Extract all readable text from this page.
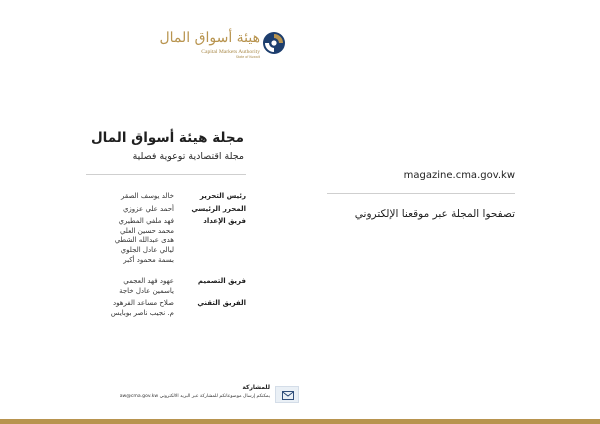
هيئة أسواق المال
Capital Markets Authority
State of Kuwait
مجلة هيئة أسواق المال
مجلة اقتصادية توعوية فصلية
رئيس التحرير
خالد يوسف الصقر
المحرر الرئيسي
أحمد علي عزوزي
فريق الإعداد
فهد ملفي المطيري
محمد حسين العلي
هدى عبدالله الشطي
ليالي عادل الجلوي
بسمة محمود أكبر
فريق التصميم
عهود فهد العجمي
ياسمين عادل خاجة
الفريق التقني
صلاح مساعد الفرهود
م. نجيب ناصر بوبايس
magazine.cma.gov.kw
تصفحوا المجلة عبر موقعنا الإلكتروني
للمشاركة
يمكنكم إرسال موضوعاتكم للمشاركة عبر البريد الالكتروني aw@cma.gov.kw
